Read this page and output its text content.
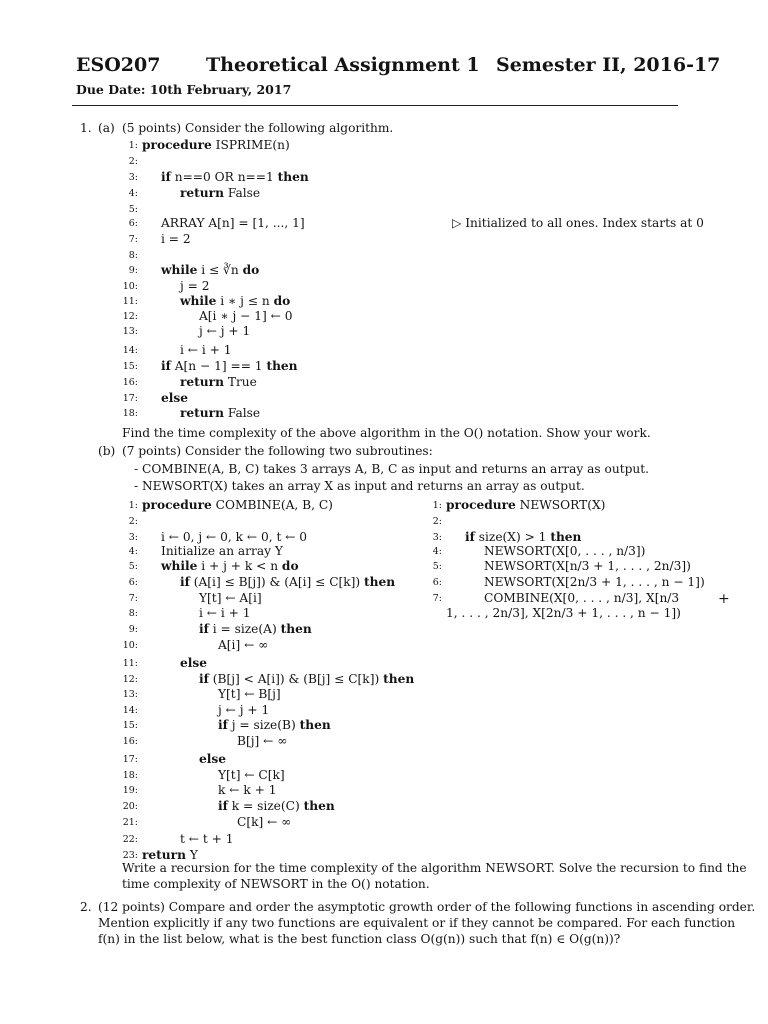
ESO207 Theoretical Assignment 1 Semester II, 2016-17
Due Date: 10th February, 2017
1. (a) (5 points) Consider the following algorithm.
1: procedure ISPRIME(n)
2:
3: if n==0 OR n==1 then
4:	return False
5:
6: ARRAY A[n] = [1, ..., 1]
7: i = 2
8:
9: while i ≤ ∛n do
10:	j = 2
11:	while i ∗ j ≤ n do
12:	A[i ∗ j − 1] ← 0
13:	j ← j + 1
14:	i ← i + 1
15: if A[n − 1] == 1 then
16:	return True
17: else
18:	return False
▷ Initialized to all ones. Index starts at 0
Find the time complexity of the above algorithm in the O() notation. Show your work.
(b) (7 points) Consider the following two subroutines:
- COMBINE(A, B, C) takes 3 arrays A, B, C as input and returns an array as output.
- NEWSORT(X) takes an array X as input and returns an array as output.
1: procedure COMBINE(A, B, C)
2:
3: i ← 0, j ← 0, k ← 0, t ← 0
4: Initialize an array Y
5: while i + j + k < n do
6:	if (A[i] ≤ B[j]) & (A[i] ≤ C[k]) then
7:	Y[t] ← A[i]
8:	i ← i + 1
9:	if i = size(A) then
10:	A[i] ← ∞
11:	else
12:	if (B[j] < A[i]) & (B[j] ≤ C[k]) then
13:	Y[t] ← B[j]
14:	j ← j + 1
15:	if j = size(B) then
16:	B[j] ← ∞
17:	else
18:	Y[t] ← C[k]
19:	k ← k + 1
20:	if k = size(C) then
21:	C[k] ← ∞
22:	t ← t + 1
23: return Y
1: procedure NEWSORT(X)
2:
3: if size(X) > 1 then
4:	NEWSORT(X[0, . . . , n/3])
5:	NEWSORT(X[n/3 + 1, . . . , 2n/3])
6:	NEWSORT(X[2n/3 + 1, . . . , n − 1])
7:	COMBINE(X[0, . . . , n/3], X[n/3
1, . . . , 2n/3], X[2n/3 + 1, . . . , n − 1])
+
Write a recursion for the time complexity of the algorithm NEWSORT. Solve the recursion to find the
time complexity of NEWSORT in the O() notation.
2. (12 points) Compare and order the asymptotic growth order of the following functions in ascending order.
Mention explicitly if any two functions are equivalent or if they cannot be compared. For each function
f(n) in the list below, what is the best function class O(g(n)) such that f(n) ∈ O(g(n))?
